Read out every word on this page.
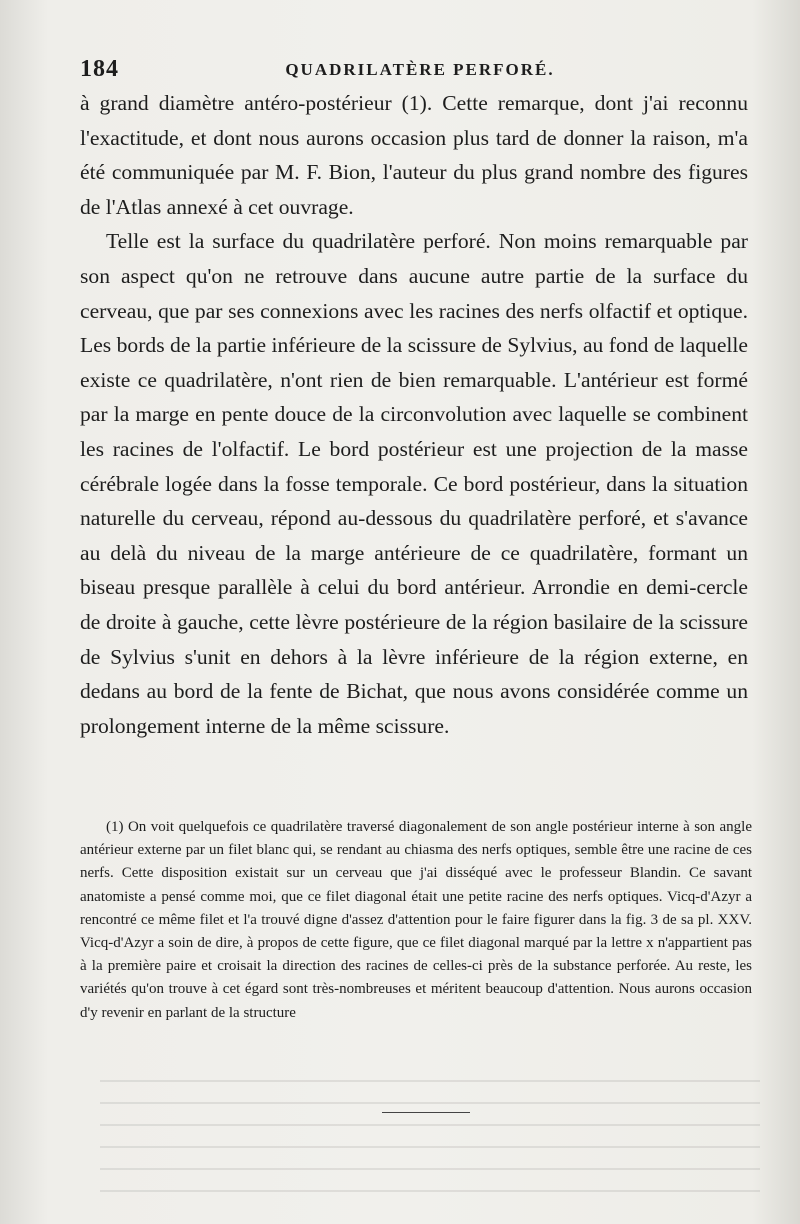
184	QUADRILATÈRE PERFORÉ.

à grand diamètre antéro-postérieur (1). Cette remarque, dont j'ai reconnu l'exactitude, et dont nous aurons occasion plus tard de donner la raison, m'a été communiquée par M. F. Bion, l'auteur du plus grand nombre des figures de l'Atlas annexé à cet ouvrage.

Telle est la surface du quadrilatère perforé. Non moins remarquable par son aspect qu'on ne retrouve dans aucune autre partie de la surface du cerveau, que par ses connexions avec les racines des nerfs olfactif et optique. Les bords de la partie inférieure de la scissure de Sylvius, au fond de laquelle existe ce quadrilatère, n'ont rien de bien remarquable. L'antérieur est formé par la marge en pente douce de la circonvolution avec laquelle se combinent les racines de l'olfactif. Le bord postérieur est une projection de la masse cérébrale logée dans la fosse temporale. Ce bord postérieur, dans la situation naturelle du cerveau, répond au-dessous du quadrilatère perforé, et s'avance au delà du niveau de la marge antérieure de ce quadrilatère, formant un biseau presque parallèle à celui du bord antérieur. Arrondie en demi-cercle de droite à gauche, cette lèvre postérieure de la région basilaire de la scissure de Sylvius s'unit en dehors à la lèvre inférieure de la région externe, en dedans au bord de la fente de Bichat, que nous avons considérée comme un prolongement interne de la même scissure.

(1) On voit quelquefois ce quadrilatère traversé diagonalement de son angle postérieur interne à son angle antérieur externe par un filet blanc qui, se rendant au chiasma des nerfs optiques, semble être une racine de ces nerfs. Cette disposition existait sur un cerveau que j'ai disséqué avec le professeur Blandin. Ce savant anatomiste a pensé comme moi, que ce filet diagonal était une petite racine des nerfs optiques. Vicq-d'Azyr a rencontré ce même filet et l'a trouvé digne d'assez d'attention pour le faire figurer dans la fig. 3 de sa pl. XXV. Vicq-d'Azyr a soin de dire, à propos de cette figure, que ce filet diagonal marqué par la lettre x n'appartient pas à la première paire et croisait la direction des racines de celles-ci près de la substance perforée. Au reste, les variétés qu'on trouve à cet égard sont très-nombreuses et méritent beaucoup d'attention. Nous aurons occasion d'y revenir en parlant de la structure
